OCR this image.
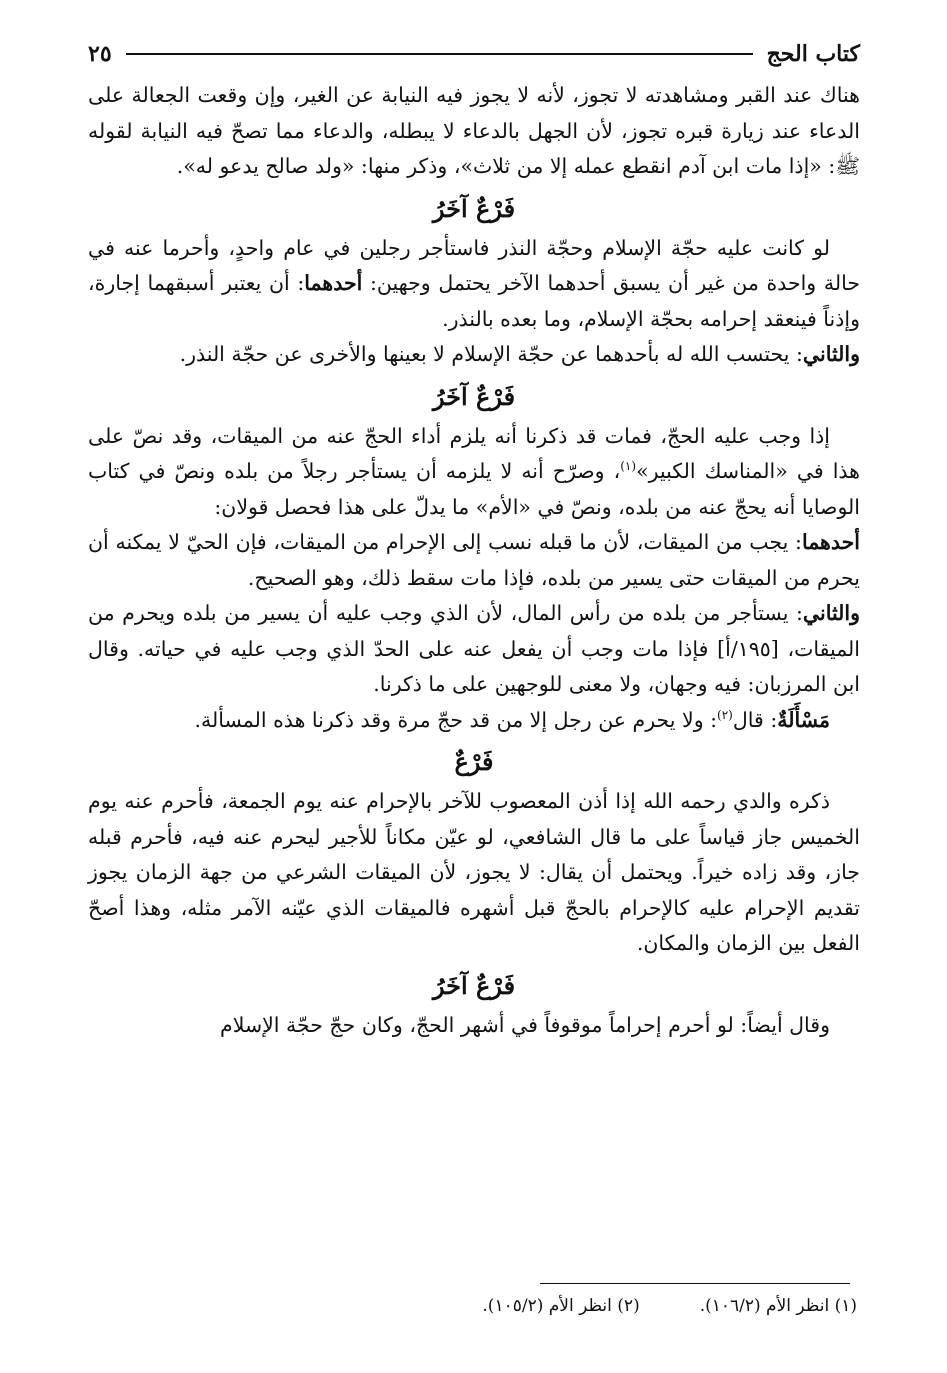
كتاب الحج
٢٥

هناك عند القبر ومشاهدته لا تجوز، لأنه لا يجوز فيه النيابة عن الغير، وإن وقعت الجعالة على الدعاء عند زيارة قبره تجوز، لأن الجهل بالدعاء لا يبطله، والدعاء مما تصحّ فيه النيابة لقوله ﷺ: «إذا مات ابن آدم انقطع عمله إلا من ثلاث»، وذكر منها: «ولد صالح يدعو له».

فَرْعٌ آخَرُ

لو كانت عليه حجّة الإسلام وحجّة النذر فاستأجر رجلين في عام واحدٍ، وأحرما عنه في حالة واحدة من غير أن يسبق أحدهما الآخر يحتمل وجهين: أحدهما: أن يعتبر أسبقهما إجارة، وإذناً فينعقد إحرامه بحجّة الإسلام، وما بعده بالنذر.

والثاني: يحتسب الله له بأحدهما عن حجّة الإسلام لا بعينها والأخرى عن حجّة النذر.

فَرْعٌ آخَرُ

إذا وجب عليه الحجّ، فمات قد ذكرنا أنه يلزم أداء الحجّ عنه من الميقات، وقد نصّ على هذا في «المناسك الكبير»$^{(١)}$، وصرّح أنه لا يلزمه أن يستأجر رجلاً من بلده ونصّ في كتاب الوصايا أنه يحجّ عنه من بلده، ونصّ في «الأم» ما يدلّ على هذا فحصل قولان:

أحدهما: يجب من الميقات، لأن ما قبله نسب إلى الإحرام من الميقات، فإن الحيّ لا يمكنه أن يحرم من الميقات حتى يسير من بلده، فإذا مات سقط ذلك، وهو الصحيح.

والثاني: يستأجر من بلده من رأس المال، لأن الذي وجب عليه أن يسير من بلده ويحرم من الميقات، [١٩٥/أ] فإذا مات وجب أن يفعل عنه على الحدّ الذي وجب عليه في حياته. وقال ابن المرزبان: فيه وجهان، ولا معنى للوجهين على ما ذكرنا.

مَسْأَلَةٌ: قال$^{(٢)}$: ولا يحرم عن رجل إلا من قد حجّ مرة وقد ذكرنا هذه المسألة.

فَرْعٌ

ذكره والدي رحمه الله إذا أذن المعصوب للآخر بالإحرام عنه يوم الجمعة، فأحرم عنه يوم الخميس جاز قياساً على ما قال الشافعي، لو عيّن مكاناً للأجير ليحرم عنه فيه، فأحرم قبله جاز، وقد زاده خيراً. ويحتمل أن يقال: لا يجوز، لأن الميقات الشرعي من جهة الزمان يجوز تقديم الإحرام عليه كالإحرام بالحجّ قبل أشهره فالميقات الذي عيّنه الآمر مثله، وهذا أصحّ الفعل بين الزمان والمكان.

فَرْعٌ آخَرُ

وقال أيضاً: لو أحرم إحراماً موقوفاً في أشهر الحجّ، وكان حجّ حجّة الإسلام

(١) انظر الأم (١٠٦/٢).
(٢) انظر الأم (١٠٥/٢).
